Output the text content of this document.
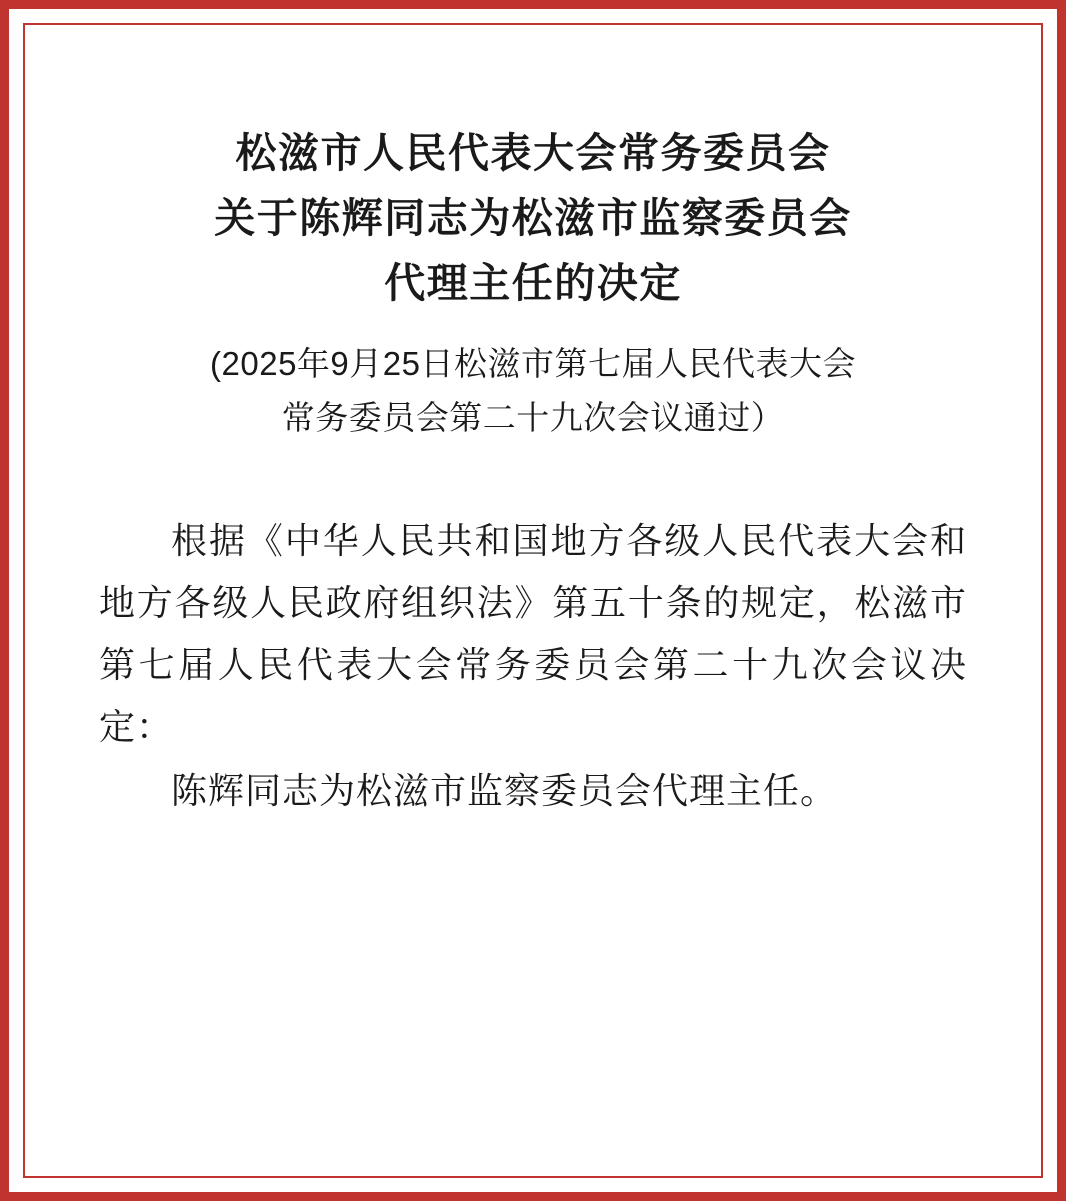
松滋市人民代表大会常务委员会
关于陈辉同志为松滋市监察委员会
代理主任的决定
(2025年9月25日松滋市第七届人民代表大会
常务委员会第二十九次会议通过）

根据《中华人民共和国地方各级人民代表大会和地方各级人民政府组织法》第五十条的规定，松滋市第七届人民代表大会常务委员会第二十九次会议决定：

陈辉同志为松滋市监察委员会代理主任。
